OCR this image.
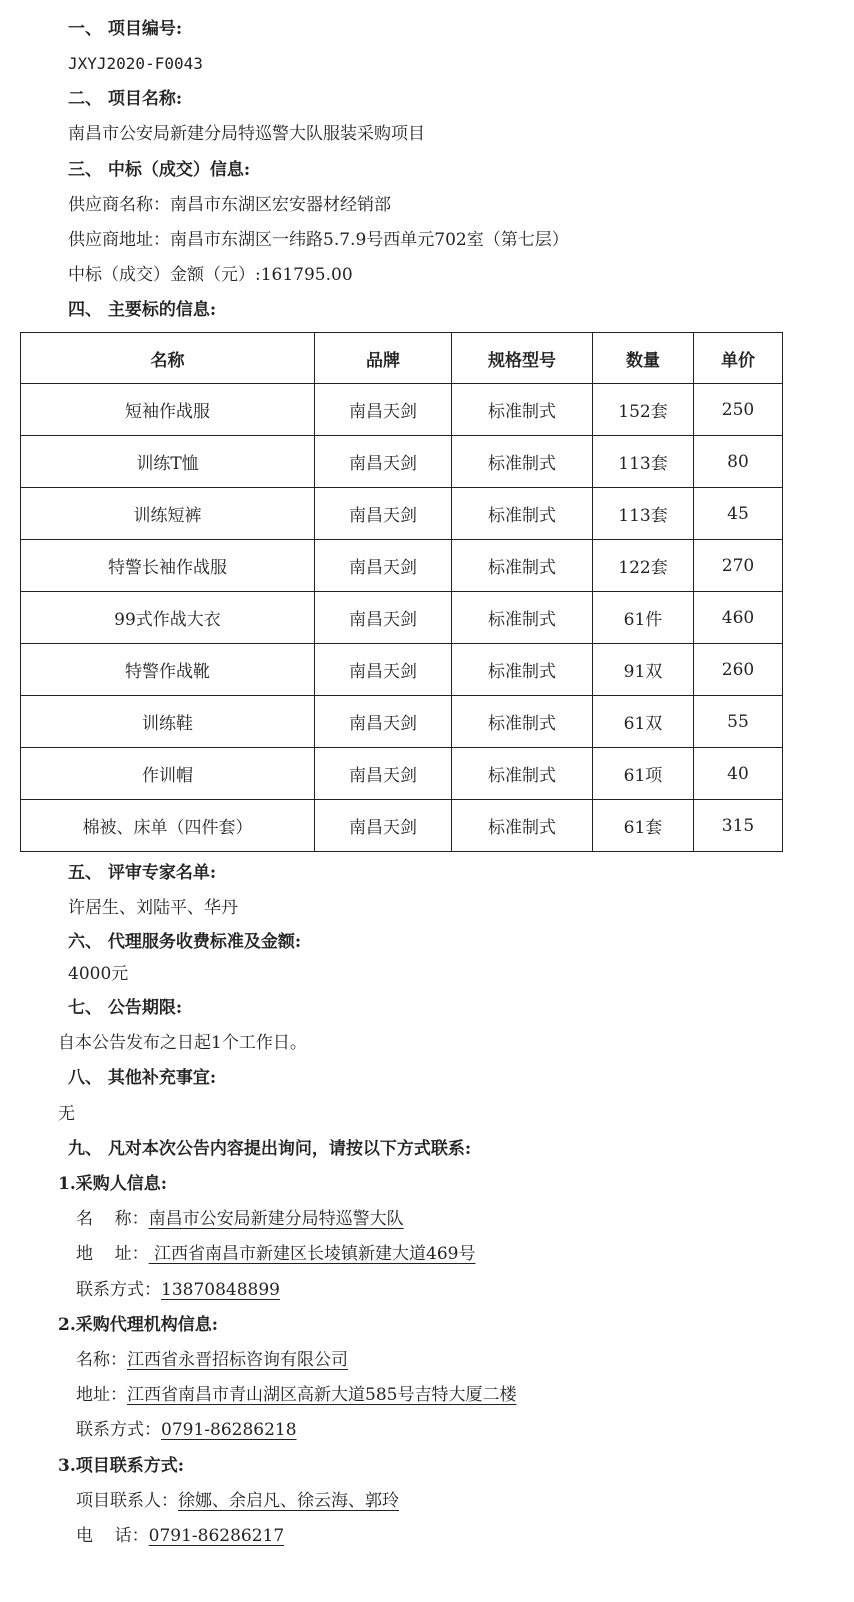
一、 项目编号:
JXYJ2020-F0043
二、 项目名称:
南昌市公安局新建分局特巡警大队服装采购项目
三、 中标（成交）信息:
供应商名称：南昌市东湖区宏安器材经销部
供应商地址：南昌市东湖区一纬路5.7.9号西单元702室（第七层）
中标（成交）金额（元）:161795.00
四、 主要标的信息:
名称	品牌	规格型号	数量	单价
短袖作战服	南昌天剑	标准制式	152套	250
训练T恤	南昌天剑	标准制式	113套	80
训练短裤	南昌天剑	标准制式	113套	45
特警长袖作战服	南昌天剑	标准制式	122套	270
99式作战大衣	南昌天剑	标准制式	61件	460
特警作战靴	南昌天剑	标准制式	91双	260
训练鞋	南昌天剑	标准制式	61双	55
作训帽	南昌天剑	标准制式	61项	40
棉被、床单（四件套）	南昌天剑	标准制式	61套	315
五、 评审专家名单:
许居生、刘陆平、华丹
六、 代理服务收费标准及金额:
4000元
七、 公告期限:
自本公告发布之日起1个工作日。
八、 其他补充事宜:
无
九、 凡对本次公告内容提出询问，请按以下方式联系:
1.采购人信息:
名    称：南昌市公安局新建分局特巡警大队
地    址： 江西省南昌市新建区长堎镇新建大道469号
联系方式：13870848899
2.采购代理机构信息:
名称：江西省永晋招标咨询有限公司
地址：江西省南昌市青山湖区高新大道585号吉特大厦二楼
联系方式：0791-86286218
3.项目联系方式:
项目联系人：徐娜、余启凡、徐云海、郭玲
电    话：0791-86286217
